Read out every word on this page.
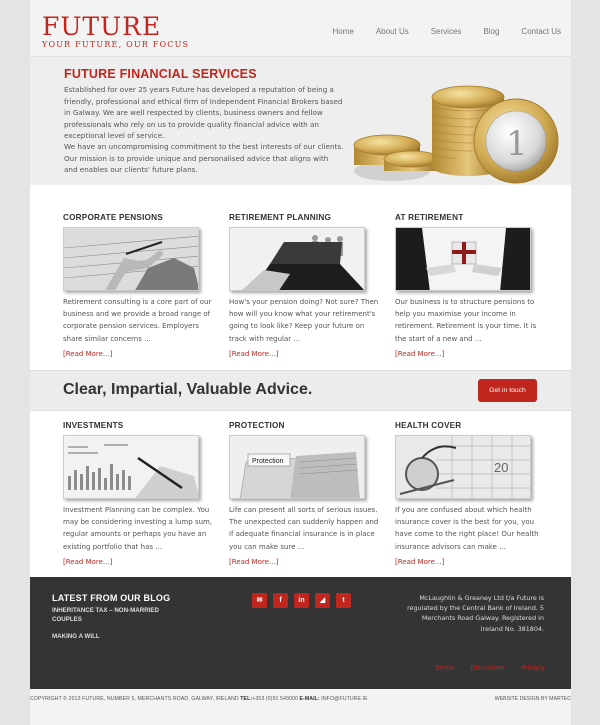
FUTURE
YOUR FUTURE, OUR FOCUS
Home	About Us	Services	Blog	Contact Us
FUTURE FINANCIAL SERVICES

Established for over 25 years Future has developed a reputation of being a friendly, professional and ethical firm of Independent Financial Brokers based in Galway. We are well respected by clients, business owners and fellow professionals who rely on us to provide quality financial advice with an exceptional level of service.

We have an uncompromising commitment to the best interests of our clients. Our mission is to provide unique and personalised advice that aligns with and enables our clients' future plans.

1
CORPORATE PENSIONS

Retirement consulting is a core part of our business and we provide a broad range of corporate pension services. Employers share similar concerns ...

[Read More...]
RETIREMENT PLANNING

How's your pension doing? Not sure? Then how will you know what your retirement's going to look like? Keep your future on track with regular ...

[Read More...]
AT RETIREMENT

Our business is to structure pensions to help you maximise your income in retirement. Retirement is your time. It is the start of a new and ...

[Read More...]
Clear, Impartial, Valuable Advice.	Get in touch
INVESTMENTS

Investment Planning can be complex. You may be considering investing a lump sum, regular amounts or perhaps you have an existing portfolio that has ...

[Read More...]
PROTECTION
Protection

Life can present all sorts of serious issues. The unexpected can suddenly happen and if adequate financial insurance is in place you can make sure ...

[Read More...]
HEALTH COVER
20

If you are confused about which health insurance cover is the best for you, you have come to the right place! Our health insurance advisors can make ...

[Read More...]
LATEST FROM OUR BLOG
INHERITANCE TAX – NON-MARRIED COUPLES
MAKING A WILL
✉	f	in	◢	t	McLaughlin & Greaney Ltd t/a Future is regulated by the Central Bank of Ireland. 5 Merchants Road Galway. Registered in Ireland No. 381804.
Terms Disclaimer Privacy
COPYRIGHT © 2013 FUTURE, NUMBER 5, MERCHANTS ROAD, GALWAY, IRELAND TEL:+353 (0)91 549000 E-MAIL: INFO@FUTURE.IE	WEBSITE DESIGN BY MARTEC
